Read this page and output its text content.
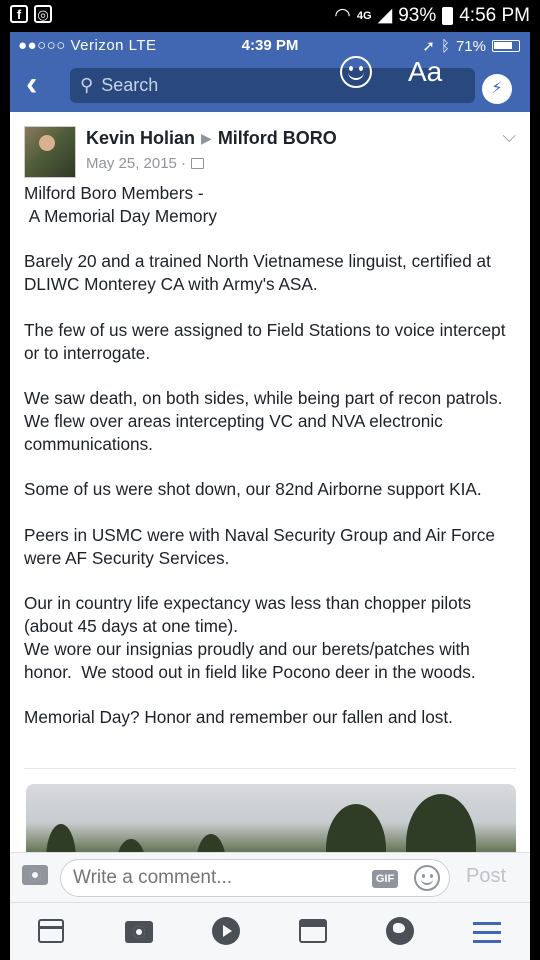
f	◎	◠ 4G ◢ 93% 4:56 PM
●●○○○ Verizon LTE	4:39 PM	➚ ᛒ 71%
‹	⚲ Search	Aa
⚡
Kevin Holian ▶ Milford BORO
May 25, 2015 ·
⌵

Milford Boro Members -
A Memorial Day Memory

Barely 20 and a trained North Vietnamese linguist, certified at DLIWC Monterey CA with Army's ASA.

The few of us were assigned to Field Stations to voice intercept or to interrogate.

We saw death, on both sides, while being part of recon patrols.
We flew over areas intercepting VC and NVA electronic communications.

Some of us were shot down, our 82nd Airborne support KIA.

Peers in USMC were with Naval Security Group and Air Force were AF Security Services.

Our in country life expectancy was less than chopper pilots (about 45 days at one time).
We wore our insignias proudly and our berets/patches with honor.  We stood out in field like Pocono deer in the woods.

Memorial Day? Honor and remember our fallen and lost.

Write a comment...
GIF	Post
